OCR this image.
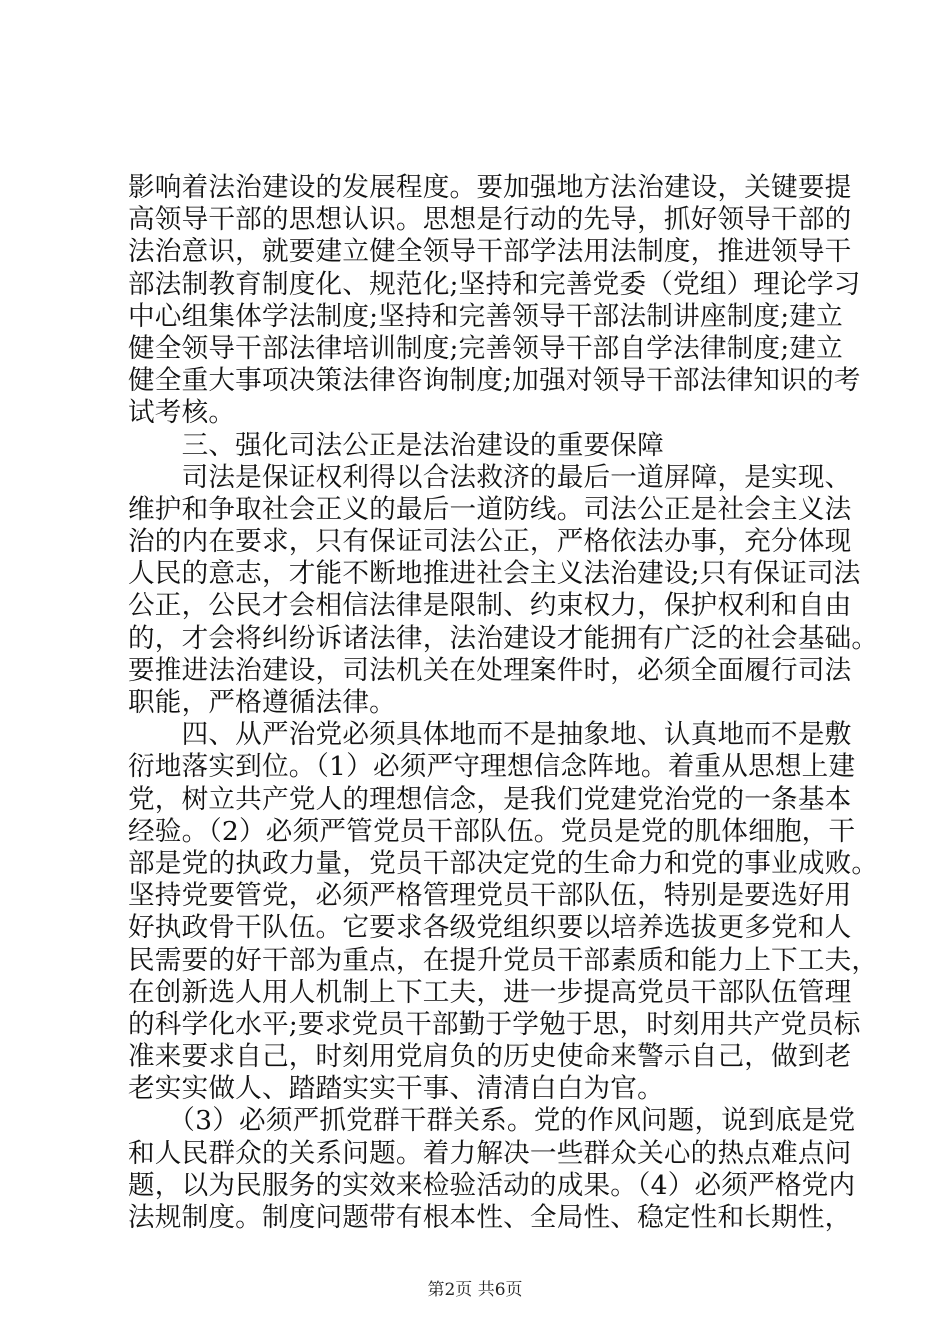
影响着法治建设的发展程度。要加强地方法治建设，关键要提
高领导干部的思想认识。思想是行动的先导，抓好领导干部的
法治意识，就要建立健全领导干部学法用法制度，推进领导干
部法制教育制度化、规范化;坚持和完善党委（党组）理论学习
中心组集体学法制度;坚持和完善领导干部法制讲座制度;建立
健全领导干部法律培训制度;完善领导干部自学法律制度;建立
健全重大事项决策法律咨询制度;加强对领导干部法律知识的考
试考核。
　　三、强化司法公正是法治建设的重要保障
　　司法是保证权利得以合法救济的最后一道屏障，是实现、
维护和争取社会正义的最后一道防线。司法公正是社会主义法
治的内在要求，只有保证司法公正，严格依法办事，充分体现
人民的意志，才能不断地推进社会主义法治建设;只有保证司法
公正，公民才会相信法律是限制、约束权力，保护权利和自由
的，才会将纠纷诉诸法律，法治建设才能拥有广泛的社会基础。
要推进法治建设，司法机关在处理案件时，必须全面履行司法
职能，严格遵循法律。
　　四、从严治党必须具体地而不是抽象地、认真地而不是敷
衍地落实到位。（1）必须严守理想信念阵地。着重从思想上建
党，树立共产党人的理想信念，是我们党建党治党的一条基本
经验。（2）必须严管党员干部队伍。党员是党的肌体细胞，干
部是党的执政力量，党员干部决定党的生命力和党的事业成败。
坚持党要管党，必须严格管理党员干部队伍，特别是要选好用
好执政骨干队伍。它要求各级党组织要以培养选拔更多党和人
民需要的好干部为重点，在提升党员干部素质和能力上下工夫，
在创新选人用人机制上下工夫，进一步提高党员干部队伍管理
的科学化水平;要求党员干部勤于学勉于思，时刻用共产党员标
准来要求自己，时刻用党肩负的历史使命来警示自己，做到老
老实实做人、踏踏实实干事、清清白白为官。
　　（3）必须严抓党群干群关系。党的作风问题，说到底是党
和人民群众的关系问题。着力解决一些群众关心的热点难点问
题，以为民服务的实效来检验活动的成果。（4）必须严格党内
法规制度。制度问题带有根本性、全局性、稳定性和长期性，
第2页 共6页
